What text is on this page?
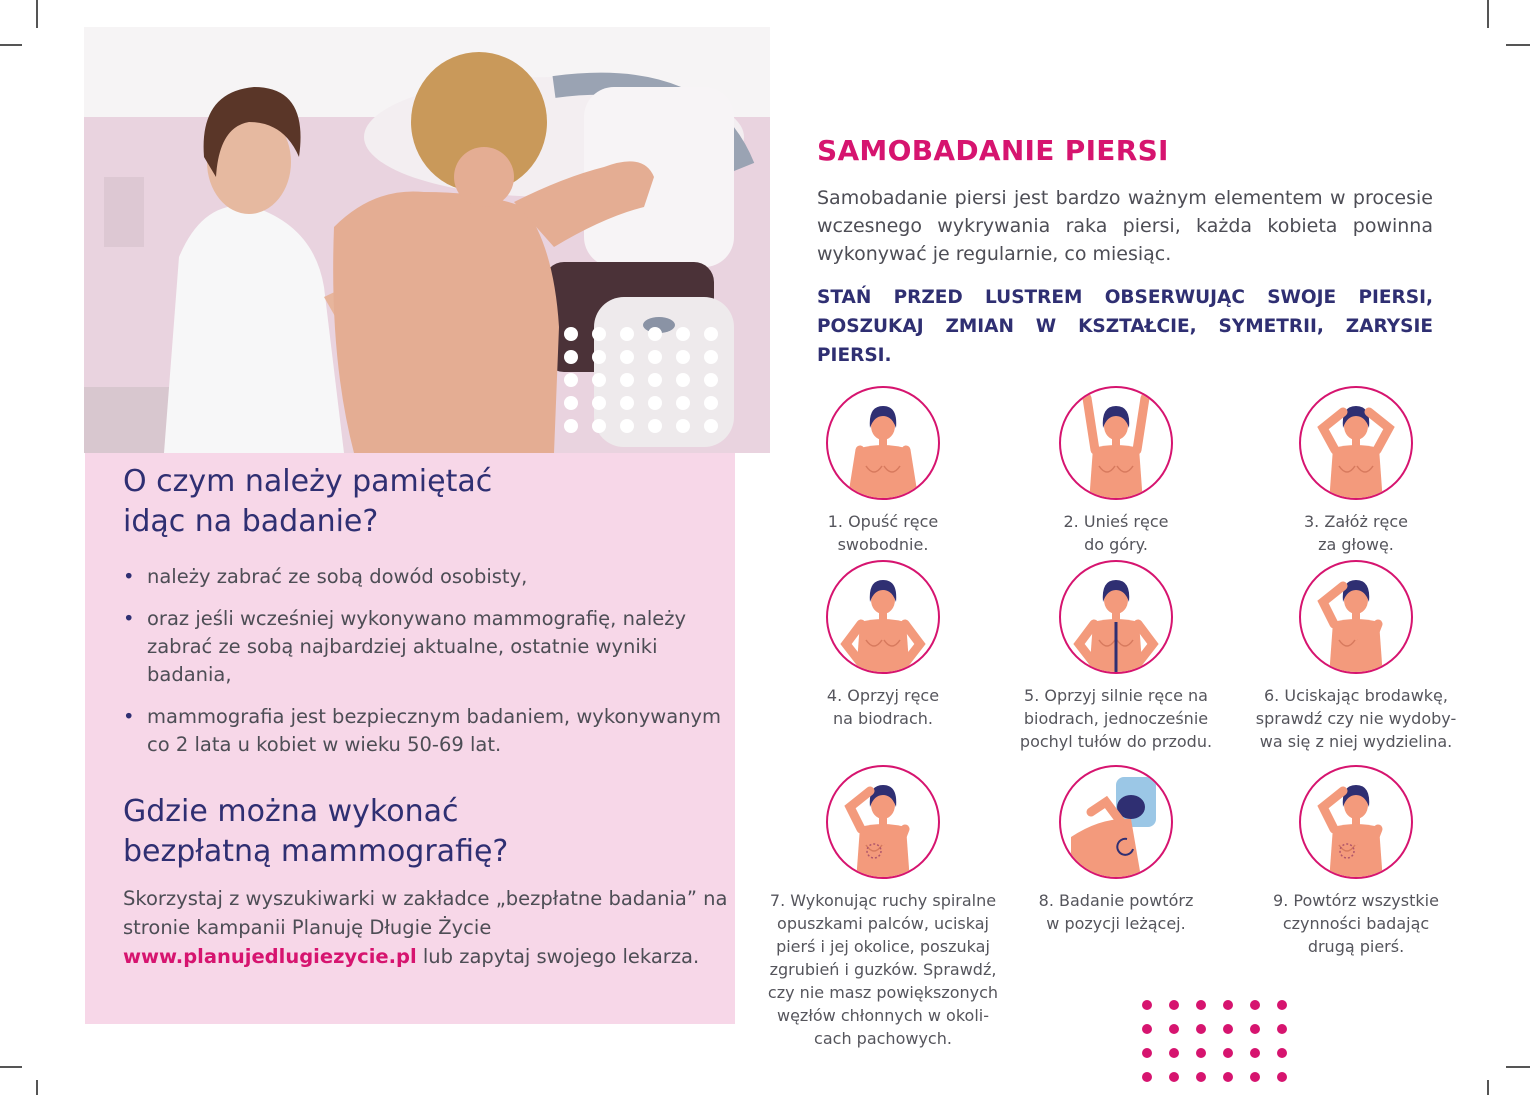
O czym należy pamiętać
idąc na badanie?
• należy zabrać ze sobą dowód osobisty,
• oraz jeśli wcześniej wykonywano mammografię, należy zabrać ze sobą najbardziej aktualne, ostatnie wyniki badania,
• mammografia jest bezpiecznym badaniem, wykonywanym co 2 lata u kobiet w wieku 50-69 lat.
Gdzie można wykonać
bezpłatną mammografię?

Skorzystaj z wyszukiwarki w zakładce „bezpłatne badania” na stronie kampanii Planuję Długie Życie
www.planujedlugiezycie.pl lub zapytaj swojego lekarza.

SAMOBADANIE PIERSI

Samobadanie piersi jest bardzo ważnym elementem w procesie wczesnego wykrywania raka piersi, każda kobieta powinna wykonywać je regularnie, co miesiąc.

STAŃ PRZED LUSTREM OBSERWUJĄC SWOJE PIERSI, POSZUKAJ ZMIAN W KSZTAŁCIE, SYMETRII, ZARYSIE PIERSI.

1. Opuść ręce
swobodnie.

2. Unieś ręce
do góry.

3. Załóż ręce
za głowę.

4. Oprzyj ręce
na biodrach.

5. Oprzyj silnie ręce na
biodrach, jednocześnie
pochyl tułów do przodu.

6. Uciskając brodawkę,
sprawdź czy nie wydoby-
wa się z niej wydzielina.

7. Wykonując ruchy spiralne
opuszkami palców, uciskaj
pierś i jej okolice, poszukaj
zgrubień i guzków. Sprawdź,
czy nie masz powiększonych
węzłów chłonnych w okoli-
cach pachowych.

8. Badanie powtórz
w pozycji leżącej.

9. Powtórz wszystkie
czynności badając
drugą pierś.
